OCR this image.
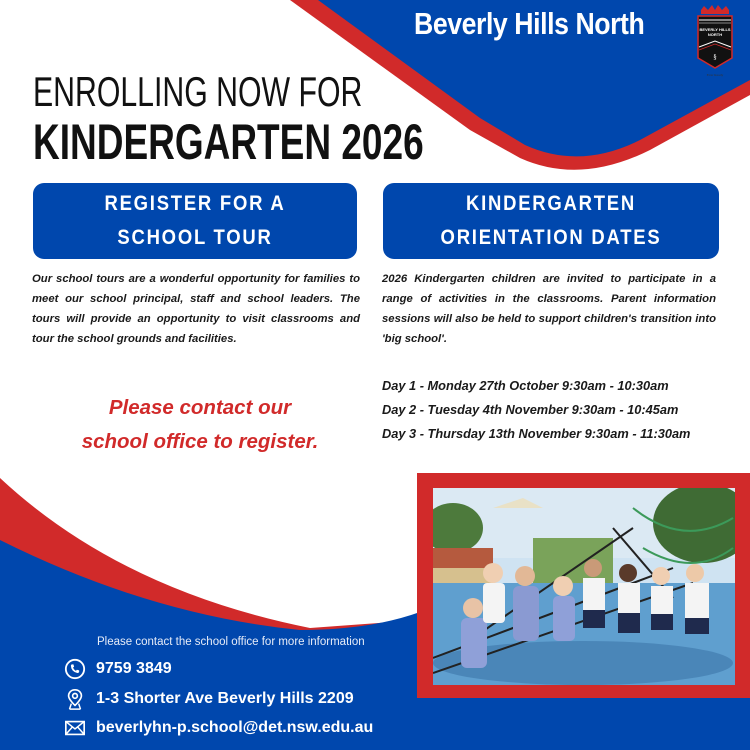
Beverly Hills North	BEVERLY HILLS
NORTH
§
Ever Ready
ENROLLING NOW FOR
KINDERGARTEN 2026
REGISTER FOR A
SCHOOL TOUR
KINDERGARTEN
ORIENTATION DATES
Our school tours are a wonderful opportunity for families to meet our school principal, staff and school leaders. The tours will provide an opportunity to visit classrooms and tour the school grounds and facilities.
2026 Kindergarten children are invited to participate in a range of activities in the classrooms. Parent information sessions will also be held to support children's transition into 'big school'.
Please contact our
school office to register.
Day 1 - Monday 27th October 9:30am - 10:30am
Day 2 - Tuesday 4th November 9:30am - 10:45am
Day 3 - Thursday 13th November 9:30am - 11:30am
Please contact the school office for more information
9759 3849
1-3 Shorter Ave Beverly Hills 2209
beverlyhn-p.school@det.nsw.edu.au
